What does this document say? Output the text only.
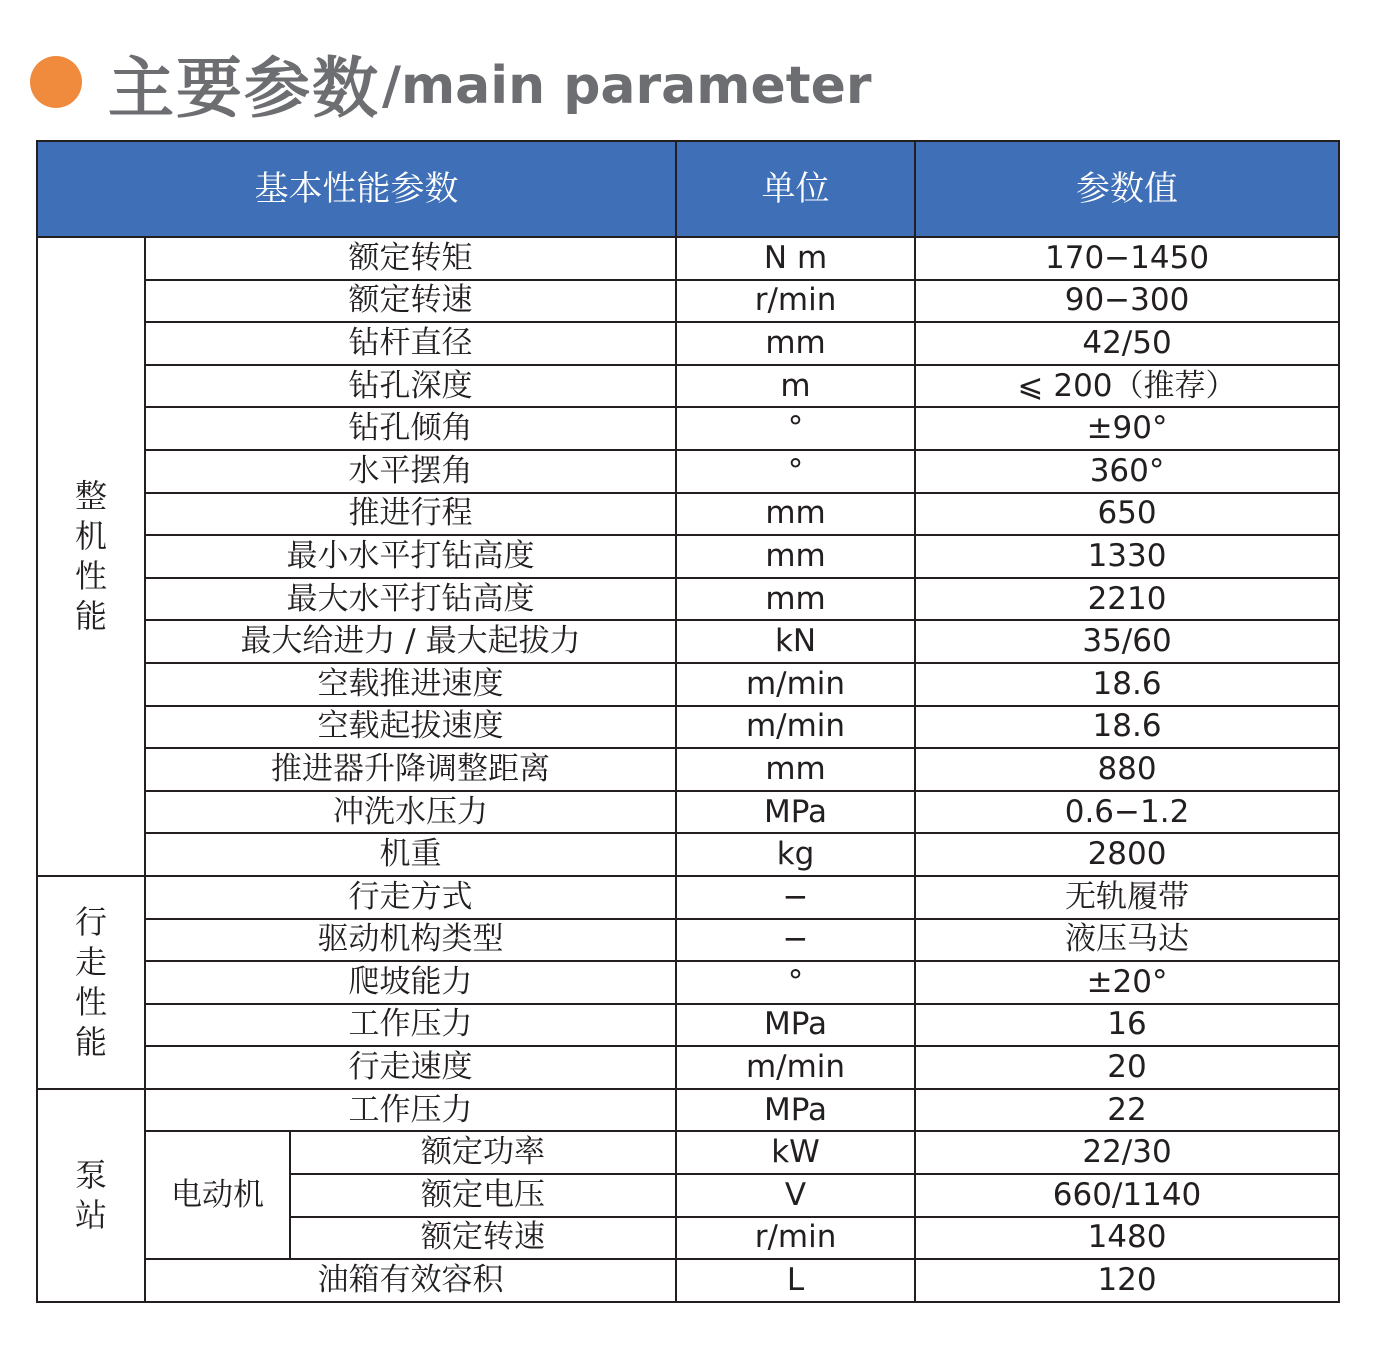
主要参数 /main parameter
基本性能参数			单位	参数值

整
机
性
能	额定转矩		N m	170−1450
	额定转速		r/min	90−300
	钻杆直径		mm	42/50
	钻孔深度		m	⩽ 200（推荐）
	钻孔倾角		°	±90°
	水平摆角		°	360°
	推进行程		mm	650
	最小水平打钻高度		mm	1330
	最大水平打钻高度		mm	2210
	最大给进力 / 最大起拔力		kN	35/60
	空载推进速度		m/min	18.6
	空载起拔速度		m/min	18.6
	推进器升降调整距离		mm	880
	冲洗水压力		MPa	0.6−1.2
	机重		kg	2800

行
走
性
能	行走方式		−	无轨履带
	驱动机构类型		−	液压马达
	爬坡能力		°	±20°
	工作压力		MPa	16
	行走速度		m/min	20

泵
站	工作压力		MPa	22
	电动机	额定功率	kW	22/30
		额定电压	V	660/1140
		额定转速	r/min	1480
	油箱有效容积		L	120
